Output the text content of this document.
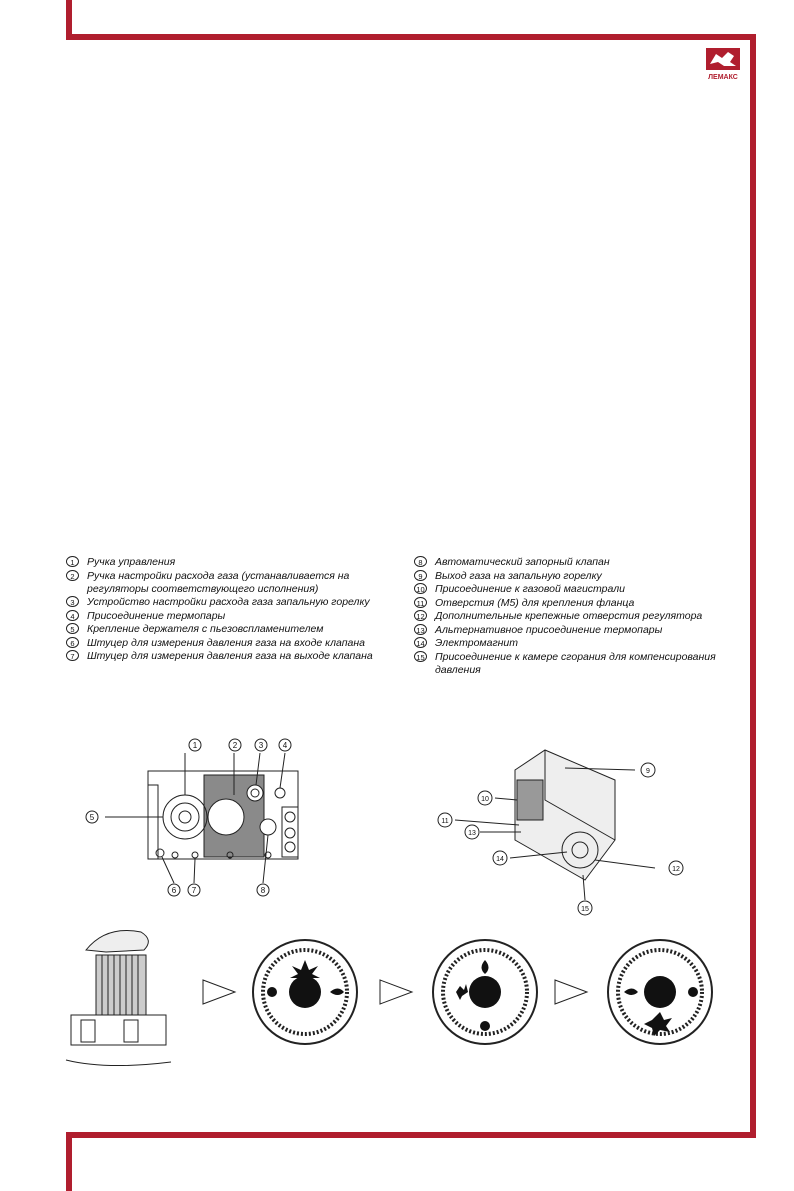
ЛЕМАКС
1	Ручка управления
2	Ручка настройки расхода газа (устанавливается на регуляторы соответствующего исполнения)
3	Устройство настройки расхода газа запальную горелку
4	Присоединение термопары
5	Крепление держателя с пьезовспламенителем
6	Штуцер для измерения давления газа на входе клапана
7	Штуцер для измерения давления газа на выходе клапана
8	Автоматический запорный клапан
9	Выход газа на запальную горелку
10 Присоединение к газовой магистрали
11 Отверстия (М5) для крепления фланца
12 Дополнительные крепежные отверстия регулятора
13 Альтернативное присоединение термопары
14 Электромагнит
15 Присоединение к камере сгорания для компенсирования давления
1	2	3 4
5
6 7	8
9
10
11
12
13
14
15
